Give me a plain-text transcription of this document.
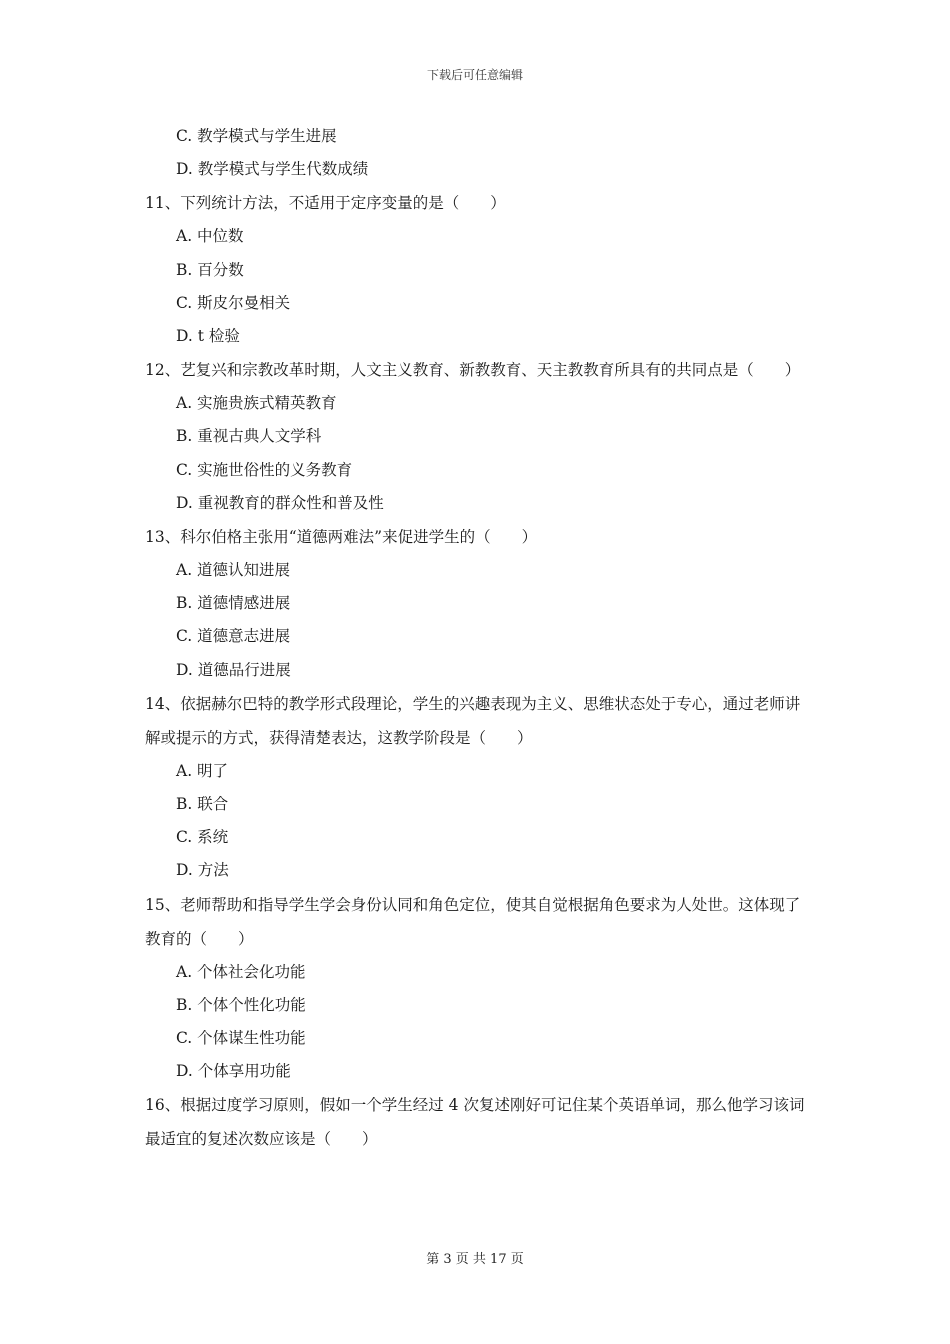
下载后可任意编辑
C. 教学模式与学生进展
D. 教学模式与学生代数成绩
11、下列统计方法，不适用于定序变量的是（　　）
A. 中位数
B. 百分数
C. 斯皮尔曼相关
D. t 检验
12、艺复兴和宗教改革时期，人文主义教育、新教教育、天主教教育所具有的共同点是（　　）
A. 实施贵族式精英教育
B. 重视古典人文学科
C. 实施世俗性的义务教育
D. 重视教育的群众性和普及性
13、科尔伯格主张用“道德两难法”来促进学生的（　　）
A. 道德认知进展
B. 道德情感进展
C. 道德意志进展
D. 道德品行进展
14、依据赫尔巴特的教学形式段理论，学生的兴趣表现为主义、思维状态处于专心，通过老师讲解或提示的方式，获得清楚表达，这教学阶段是（　　）
A. 明了
B. 联合
C. 系统
D. 方法
15、老师帮助和指导学生学会身份认同和角色定位，使其自觉根据角色要求为人处世。这体现了教育的（　　）
A. 个体社会化功能
B. 个体个性化功能
C. 个体谋生性功能
D. 个体享用功能
16、根据过度学习原则，假如一个学生经过 4 次复述刚好可记住某个英语单词，那么他学习该词最适宜的复述次数应该是（　　）
第 3 页 共 17 页
